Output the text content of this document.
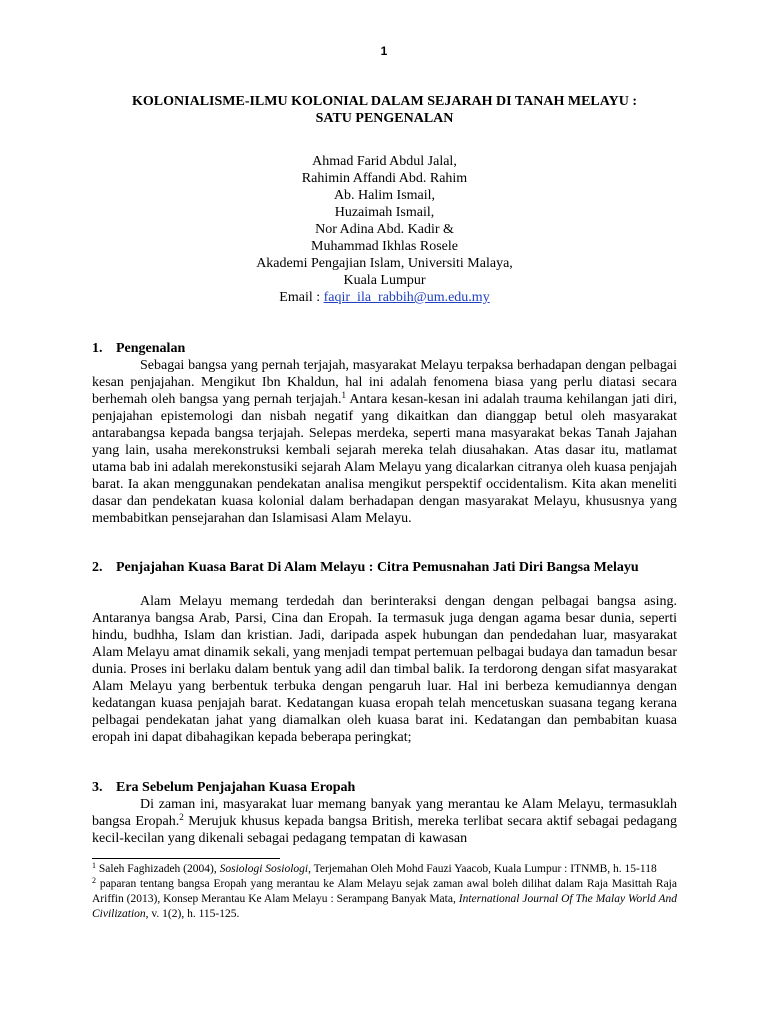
1
KOLONIALISME-ILMU KOLONIAL DALAM SEJARAH DI TANAH MELAYU :
SATU PENGENALAN
Ahmad Farid Abdul Jalal,
Rahimin Affandi Abd. Rahim
Ab. Halim Ismail,
Huzaimah Ismail,
Nor Adina Abd. Kadir &
Muhammad Ikhlas Rosele
Akademi Pengajian Islam, Universiti Malaya,
Kuala Lumpur
Email : faqir_ila_rabbih@um.edu.my
1. Pengenalan

Sebagai bangsa yang pernah terjajah, masyarakat Melayu terpaksa berhadapan dengan pelbagai kesan penjajahan. Mengikut Ibn Khaldun, hal ini adalah fenomena biasa yang perlu diatasi secara berhemah oleh bangsa yang pernah terjajah.$^1$ Antara kesan-kesan ini adalah trauma kehilangan jati diri, penjajahan epistemologi dan nisbah negatif yang dikaitkan dan dianggap betul oleh masyarakat antarabangsa kepada bangsa terjajah. Selepas merdeka, seperti mana masyarakat bekas Tanah Jajahan yang lain, usaha merekonstruksi kembali sejarah mereka telah diusahakan. Atas dasar itu, matlamat utama bab ini adalah merekonstusiki sejarah Alam Melayu yang dicalarkan citranya oleh kuasa penjajah barat. Ia akan menggunakan pendekatan analisa mengikut perspektif occidentalism. Kita akan meneliti dasar dan pendekatan kuasa kolonial dalam berhadapan dengan masyarakat Melayu, khususnya yang membabitkan pensejarahan dan Islamisasi Alam Melayu.

2. Penjajahan Kuasa Barat Di Alam Melayu : Citra Pemusnahan Jati Diri Bangsa Melayu

Alam Melayu memang terdedah dan berinteraksi dengan dengan pelbagai bangsa asing. Antaranya bangsa Arab, Parsi, Cina dan Eropah. Ia termasuk juga dengan agama besar dunia, seperti hindu, budhha, Islam dan kristian. Jadi, daripada aspek hubungan dan pendedahan luar, masyarakat Alam Melayu amat dinamik sekali, yang menjadi tempat pertemuan pelbagai budaya dan tamadun besar dunia. Proses ini berlaku dalam bentuk yang adil dan timbal balik. Ia terdorong dengan sifat masyarakat Alam Melayu yang berbentuk terbuka dengan pengaruh luar. Hal ini berbeza kemudiannya dengan kedatangan kuasa penjajah barat. Kedatangan kuasa eropah telah mencetuskan suasana tegang kerana pelbagai pendekatan jahat yang diamalkan oleh kuasa barat ini. Kedatangan dan pembabitan kuasa eropah ini dapat dibahagikan kepada beberapa peringkat;

3. Era Sebelum Penjajahan Kuasa Eropah

Di zaman ini, masyarakat luar memang banyak yang merantau ke Alam Melayu, termasuklah bangsa Eropah.$^2$ Merujuk khusus kepada bangsa British, mereka terlibat secara aktif sebagai pedagang kecil-kecilan yang dikenali sebagai pedagang tempatan di kawasan

$^1$ Saleh Faghizadeh (2004), Sosiologi Sosiologi, Terjemahan Oleh Mohd Fauzi Yaacob, Kuala Lumpur : ITNMB, h. 15-118

$^2$ paparan tentang bangsa Eropah yang merantau ke Alam Melayu sejak zaman awal boleh dilihat dalam Raja Masittah Raja Ariffin (2013), Konsep Merantau Ke Alam Melayu : Serampang Banyak Mata, International Journal Of The Malay World And Civilization, v. 1(2), h. 115-125.
